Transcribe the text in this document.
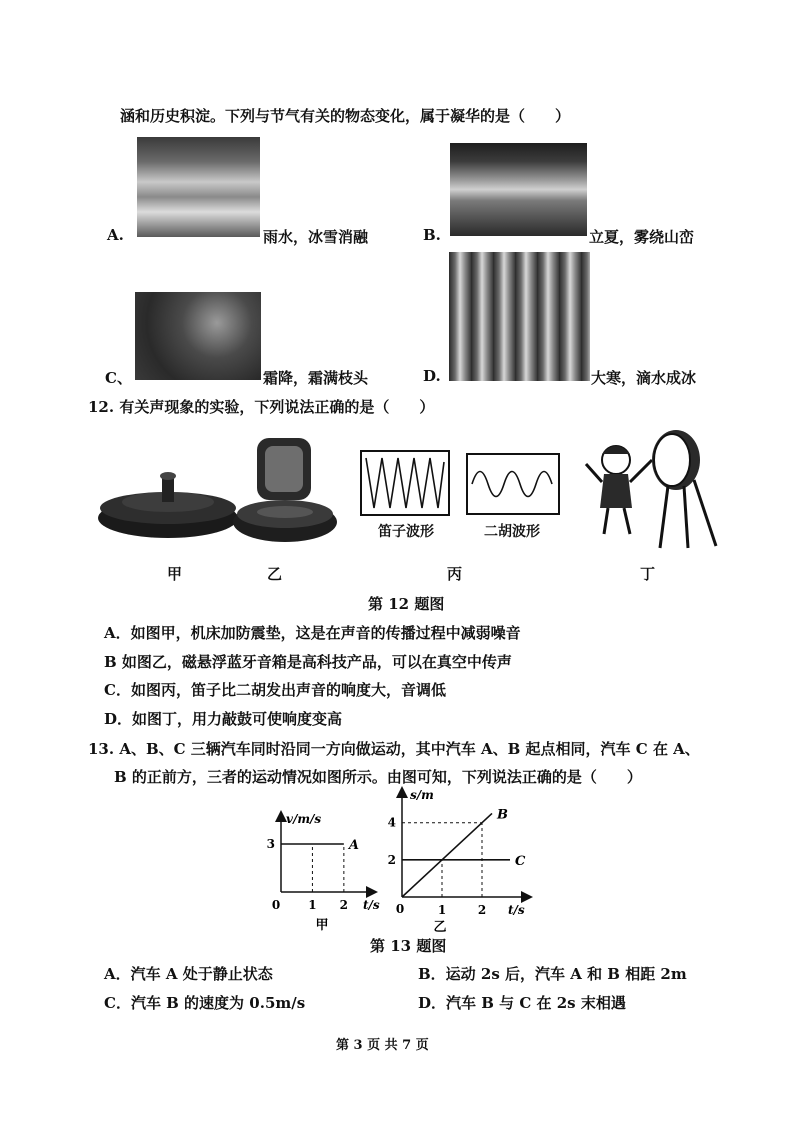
涵和历史积淀。下列与节气有关的物态变化，属于凝华的是（　　）
A.	雨水，冰雪消融	B.	立夏，雾绕山峦
C、	霜降，霜满枝头	D.	大寒，滴水成冰
12. 有关声现象的实验，下列说法正确的是（　　）
笛子波形	二胡波形
甲	乙	丙	丁
第 12 题图
A．如图甲，机床加防震垫，这是在声音的传播过程中减弱噪音
B 如图乙，磁悬浮蓝牙音箱是高科技产品，可以在真空中传声
C．如图丙，笛子比二胡发出声音的响度大，音调低
D．如图丁，用力敲鼓可使响度变高
13. A、B、C 三辆汽车同时沿同一方向做运动，其中汽车 A、B 起点相同，汽车 C 在 A、
B 的正前方，三者的运动情况如图所示。由图可知，下列说法正确的是（　　）
A
v/m/s
t/s
0 1 2
3
甲
B
C
s/m
t/s
0	1	2
2
4
乙
第 13 题图
A．汽车 A 处于静止状态	B．运动 2s 后，汽车 A 和 B 相距 2m
C．汽车 B 的速度为 0.5m/s	D．汽车 B 与 C 在 2s 末相遇
第 3 页 共 7 页
